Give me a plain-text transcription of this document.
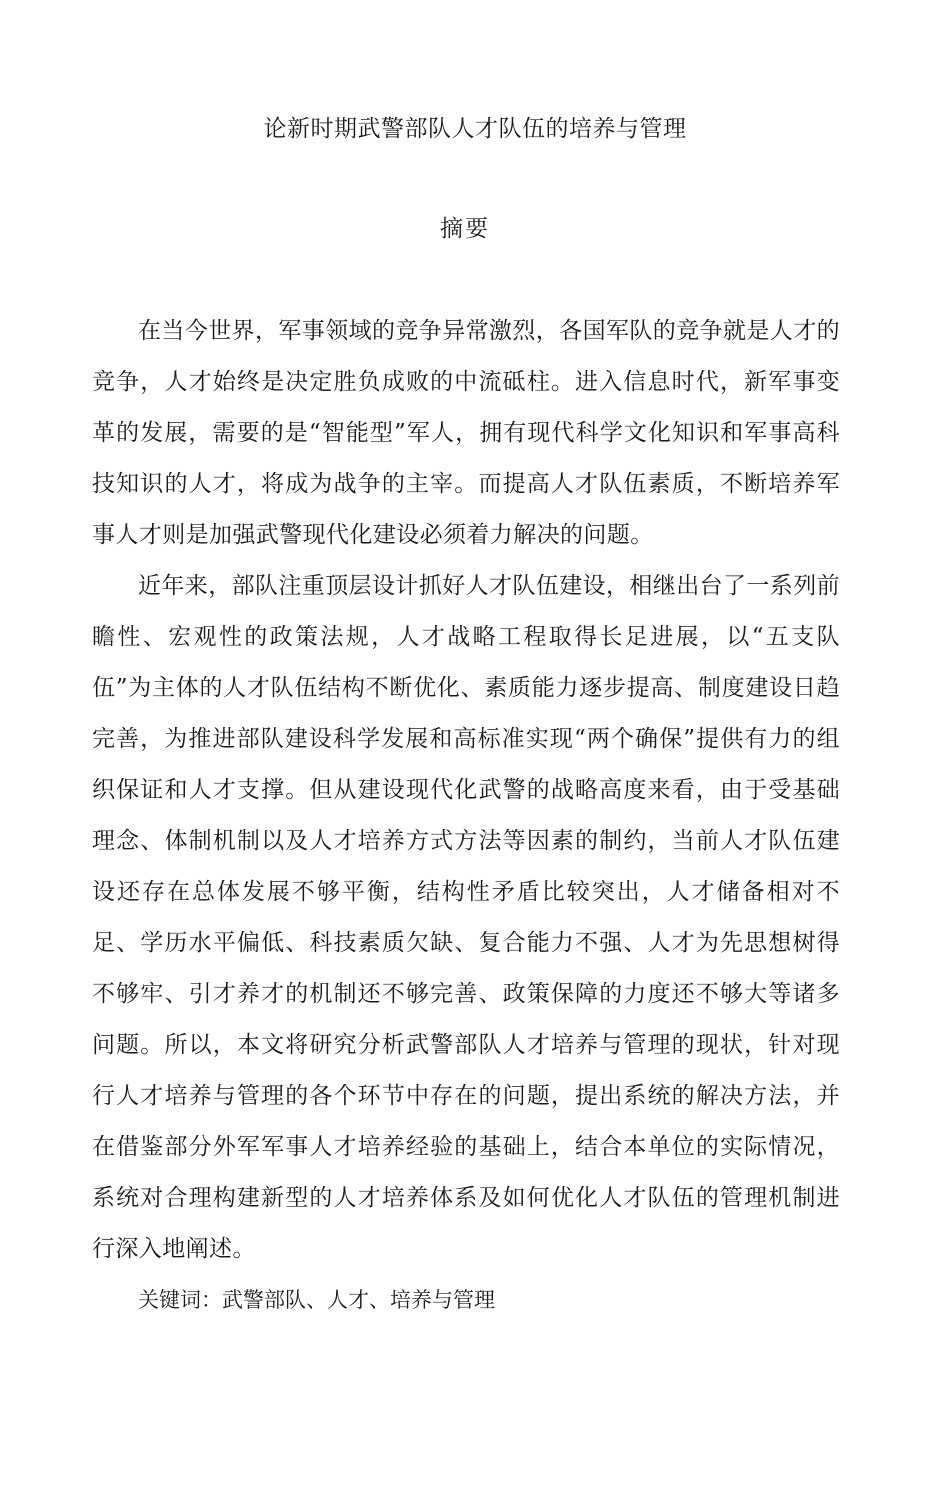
论新时期武警部队人才队伍的培养与管理
摘要

在当今世界，军事领域的竞争异常激烈，各国军队的竞争就是人才的竞争，人才始终是决定胜负成败的中流砥柱。进入信息时代，新军事变革的发展，需要的是“智能型”军人，拥有现代科学文化知识和军事高科技知识的人才，将成为战争的主宰。而提高人才队伍素质，不断培养军事人才则是加强武警现代化建设必须着力解决的问题。

近年来，部队注重顶层设计抓好人才队伍建设，相继出台了一系列前瞻性、宏观性的政策法规，人才战略工程取得长足进展，以“五支队伍”为主体的人才队伍结构不断优化、素质能力逐步提高、制度建设日趋完善，为推进部队建设科学发展和高标准实现“两个确保”提供有力的组织保证和人才支撑。但从建设现代化武警的战略高度来看，由于受基础理念、体制机制以及人才培养方式方法等因素的制约，当前人才队伍建设还存在总体发展不够平衡，结构性矛盾比较突出，人才储备相对不足、学历水平偏低、科技素质欠缺、复合能力不强、人才为先思想树得不够牢、引才养才的机制还不够完善、政策保障的力度还不够大等诸多问题。所以，本文将研究分析武警部队人才培养与管理的现状，针对现行人才培养与管理的各个环节中存在的问题，提出系统的解决方法，并在借鉴部分外军军事人才培养经验的基础上，结合本单位的实际情况，系统对合理构建新型的人才培养体系及如何优化人才队伍的管理机制进行深入地阐述。

关键词：武警部队、人才、培养与管理
